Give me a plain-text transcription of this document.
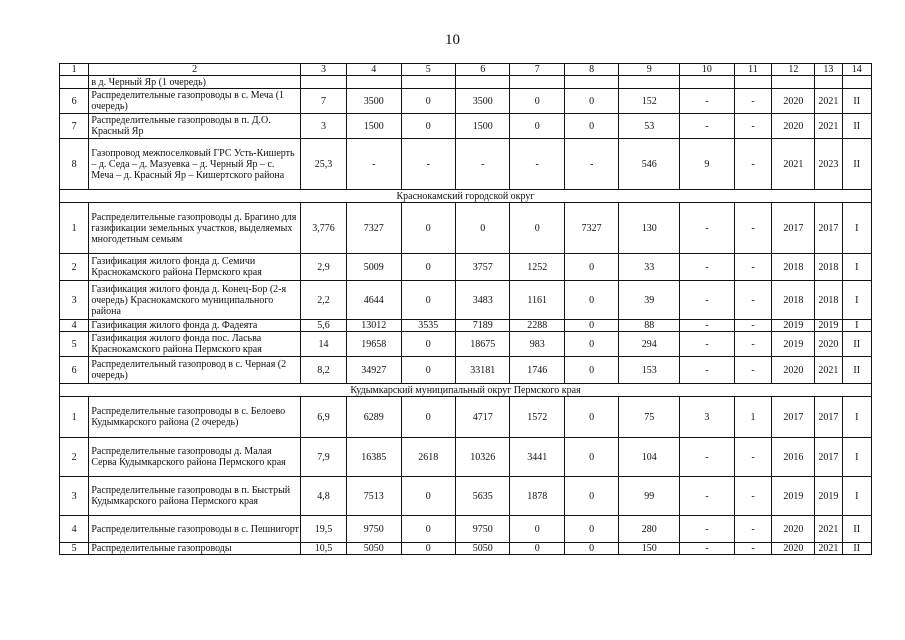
10
1	2	3	4	5	6	7	8	9	10	11	12	13	14
	в д. Черный Яр (1 очередь)												
6	Распределительные газопроводы в с. Меча (1 очередь)	7	3500	0	3500	0	0	152	-	-	2020	2021	II
7	Распределительные газопроводы в п. Д.О. Красный Яр	3	1500	0	1500	0	0	53	-	-	2020	2021	II
8	Газопровод межпоселковый ГРС Усть-Кишерть – д. Седа – д. Мазуевка – д. Черный Яр – с. Меча – д. Красный Яр – Кишертского района	25,3	-	-	-	-	-	546	9	-	2021	2023	II
Краснокамский городской округ													
1	Распределительные газопроводы д. Брагино для газификации земельных участков, выделяемых многодетным семьям	3,776	7327	0	0	0	7327	130	-	-	2017	2017	I
2	Газификация жилого фонда д. Семичи Краснокамского района Пермского края	2,9	5009	0	3757	1252	0	33	-	-	2018	2018	I
3	Газификация жилого фонда д. Конец-Бор (2-я очередь) Краснокамского муниципального района	2,2	4644	0	3483	1161	0	39	-	-	2018	2018	I
4	Газификация жилого фонда д. Фадеята	5,6	13012	3535	7189	2288	0	88	-	-	2019	2019	I
5	Газификация жилого фонда пос. Ласьва Краснокамского района Пермского края	14	19658	0	18675	983	0	294	-	-	2019	2020	II
6	Распределительный газопровод в с. Черная (2 очередь)	8,2	34927	0	33181	1746	0	153	-	-	2020	2021	II
Кудымкарский муниципальный округ Пермского края													
1	Распределительные газопроводы в с. Белоево Кудымкарского района (2 очередь)	6,9	6289	0	4717	1572	0	75	3	1	2017	2017	I
2	Распределительные газопроводы д. Малая Серва Кудымкарского района Пермского края	7,9	16385	2618	10326	3441	0	104	-	-	2016	2017	I
3	Распределительные газопроводы в п. Быстрый Кудымкарского района Пермского края	4,8	7513	0	5635	1878	0	99	-	-	2019	2019	I
4	Распределительные газопроводы в с. Пешнигорт	19,5	9750	0	9750	0	0	280	-	-	2020	2021	II
5	Распределительные газопроводы	10,5	5050	0	5050	0	0	150	-	-	2020	2021	II
